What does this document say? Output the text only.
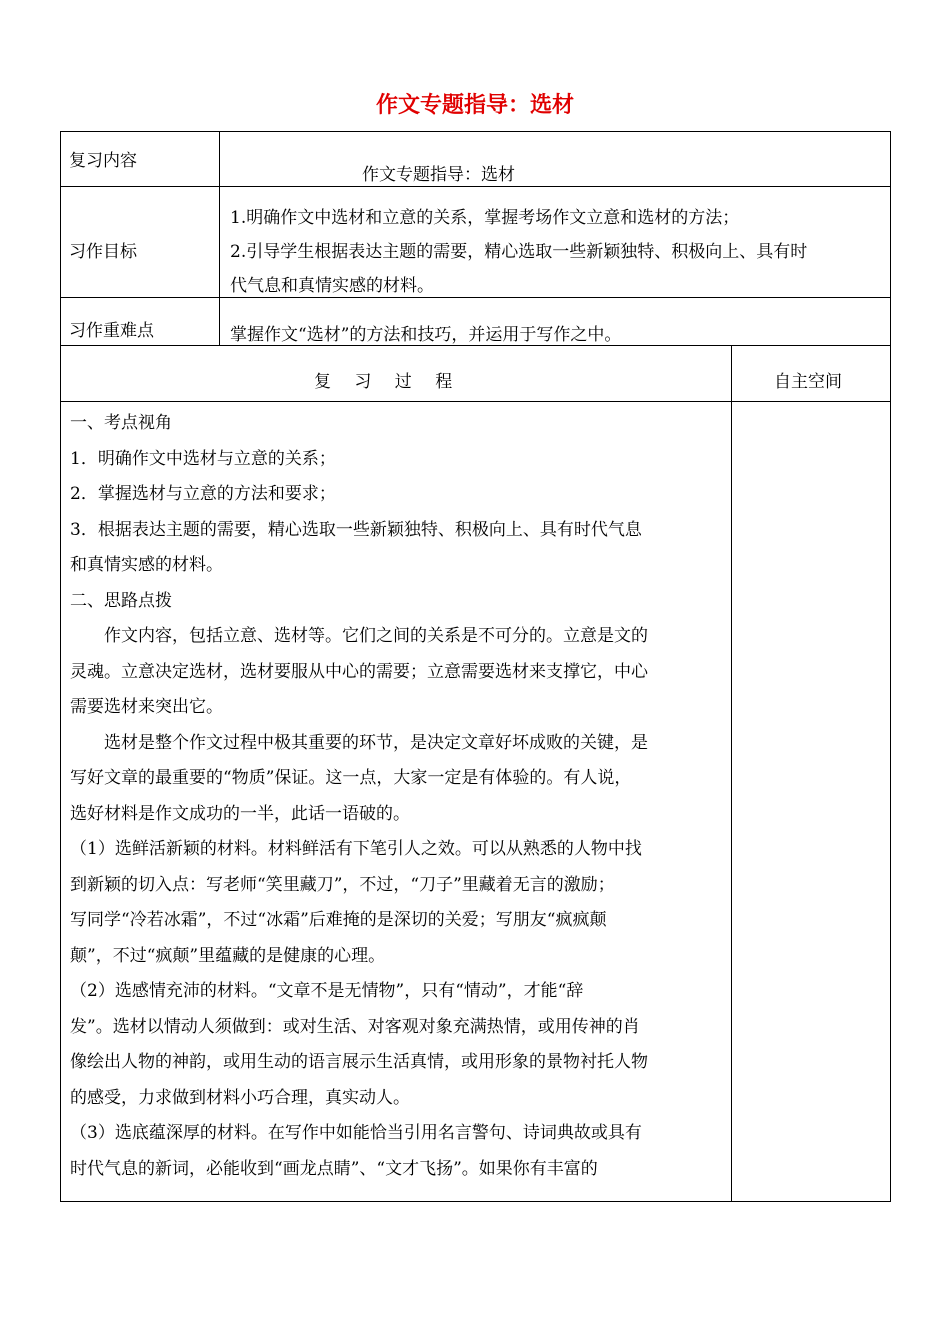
作文专题指导：选材
复习内容
作文专题指导：选材
习作目标
1.明确作文中选材和立意的关系，掌握考场作文立意和选材的方法；
2.引导学生根据表达主题的需要，精心选取一些新颖独特、积极向上、具有时
代气息和真情实感的材料。
习作重难点	掌握作文“选材”的方法和技巧，并运用于写作之中。
复 习 过 程	自主空间
一、考点视角
1．明确作文中选材与立意的关系；
2．掌握选材与立意的方法和要求；
3．根据表达主题的需要，精心选取一些新颖独特、积极向上、具有时代气息
和真情实感的材料。
二、思路点拨
　　作文内容，包括立意、选材等。它们之间的关系是不可分的。立意是文的
灵魂。立意决定选材，选材要服从中心的需要；立意需要选材来支撑它，中心
需要选材来突出它。
　　选材是整个作文过程中极其重要的环节，是决定文章好坏成败的关键，是
写好文章的最重要的“物质”保证。这一点，大家一定是有体验的。有人说，
选好材料是作文成功的一半，此话一语破的。
（1）选鲜活新颖的材料。材料鲜活有下笔引人之效。可以从熟悉的人物中找
到新颖的切入点：写老师“笑里藏刀”，不过，“刀子”里藏着无言的激励；
写同学“冷若冰霜”，不过“冰霜”后难掩的是深切的关爱；写朋友“疯疯颠
颠”，不过“疯颠”里蕴藏的是健康的心理。
（2）选感情充沛的材料。“文章不是无情物”，只有“情动”，才能“辞
发”。选材以情动人须做到：或对生活、对客观对象充满热情，或用传神的肖
像绘出人物的神韵，或用生动的语言展示生活真情，或用形象的景物衬托人物
的感受，力求做到材料小巧合理，真实动人。
（3）选底蕴深厚的材料。在写作中如能恰当引用名言警句、诗词典故或具有
时代气息的新词，必能收到“画龙点睛”、“文才飞扬”。如果你有丰富的
